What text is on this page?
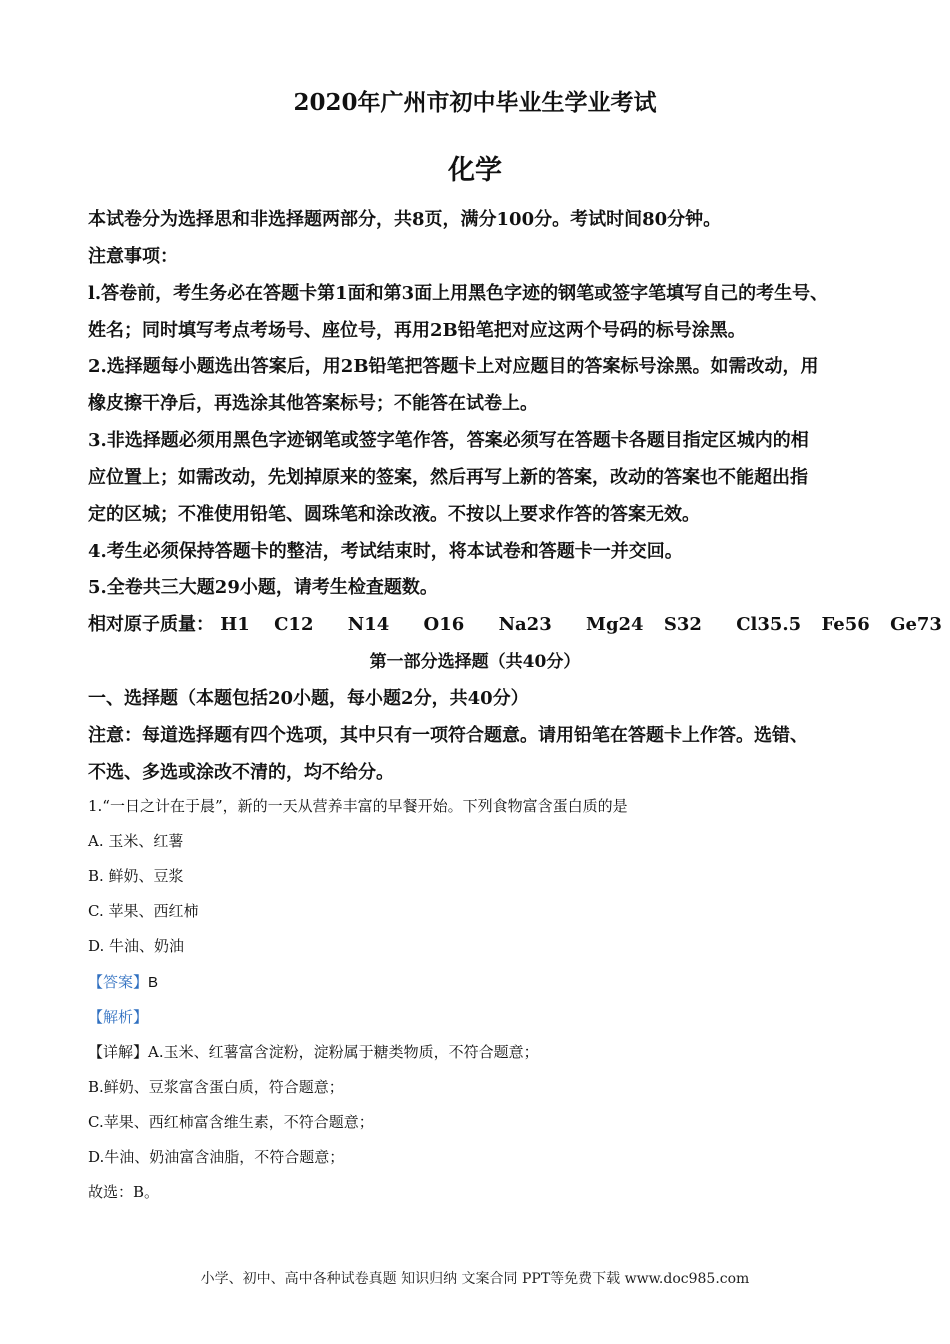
2020年广州市初中毕业生学业考试
化学
本试卷分为选择思和非选择题两部分，共8页，满分100分。考试时间80分钟。
注意事项：
l.答卷前，考生务必在答题卡第1面和第3面上用黑色字迹的钢笔或签字笔填写自己的考生号、
姓名；同时填写考点考场号、座位号，再用2B铅笔把对应这两个号码的标号涂黑。
2.选择题每小题选出答案后，用2B铅笔把答题卡上对应题目的答案标号涂黑。如需改动，用
橡皮擦干净后，再选涂其他答案标号；不能答在试卷上。
3.非选择题必须用黑色字迹钢笔或签字笔作答，答案必须写在答题卡各题目指定区城内的相
应位置上；如需改动，先划掉原来的签案，然后再写上新的答案，改动的答案也不能超出指
定的区城；不准使用铅笔、圆珠笔和涂改液。不按以上要求作答的答案无效。
4.考生必须保持答题卡的整洁，考试结束时，将本试卷和答题卡一并交回。
5.全卷共三大题29小题，请考生检査题数。
相对原子质量： H1 C12 N14 O16 Na23 Mg24 S32 Cl35.5 Fe56 Ge73
第一部分选择题（共40分）
一、选择题（本题包括20小题，每小题2分，共40分）
注意：每道选择题有四个选项，其中只有一项符合题意。请用铅笔在答题卡上作答。选错、
不选、多选或涂改不清的，均不给分。
1.“一日之计在于晨”，新的一天从营养丰富的早餐开始。下列食物富含蛋白质的是
A. 玉米、红薯
B. 鲜奶、豆浆
C. 苹果、西红柿
D. 牛油、奶油
【答案】B
【解析】
【详解】A.玉米、红薯富含淀粉，淀粉属于糖类物质，不符合题意；
B.鲜奶、豆浆富含蛋白质，符合题意；
C.苹果、西红柿富含维生素，不符合题意；
D.牛油、奶油富含油脂，不符合题意；
故选：B。
小学、初中、高中各种试卷真题 知识归纳 文案合同 PPT等免费下载 www.doc985.com
